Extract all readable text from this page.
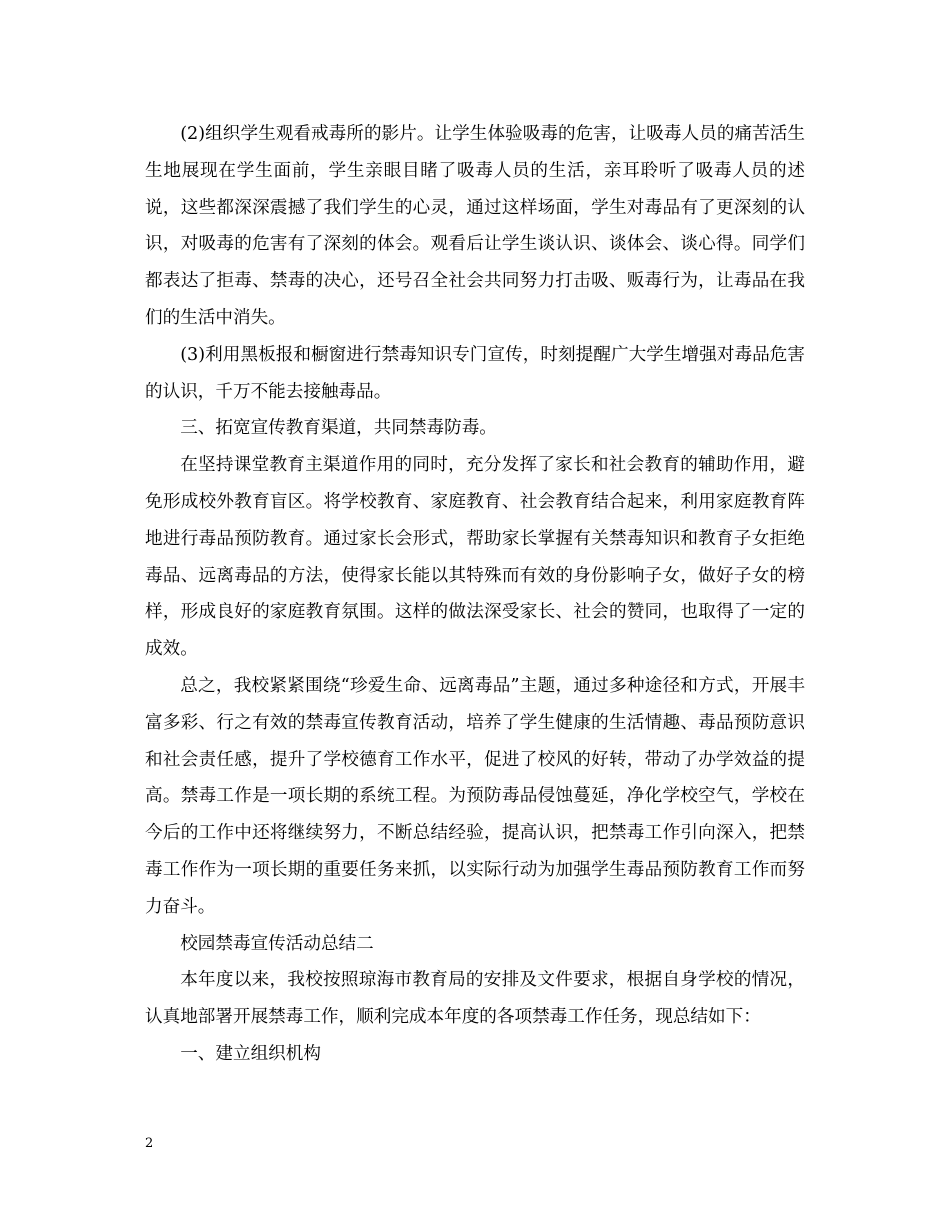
(2)组织学生观看戒毒所的影片。让学生体验吸毒的危害，让吸毒人员的痛苦活生生地展现在学生面前，学生亲眼目睹了吸毒人员的生活，亲耳聆听了吸毒人员的述说，这些都深深震撼了我们学生的心灵，通过这样场面，学生对毒品有了更深刻的认识，对吸毒的危害有了深刻的体会。观看后让学生谈认识、谈体会、谈心得。同学们都表达了拒毒、禁毒的决心，还号召全社会共同努力打击吸、贩毒行为，让毒品在我们的生活中消失。

(3)利用黑板报和橱窗进行禁毒知识专门宣传，时刻提醒广大学生增强对毒品危害的认识，千万不能去接触毒品。

三、拓宽宣传教育渠道，共同禁毒防毒。

在坚持课堂教育主渠道作用的同时，充分发挥了家长和社会教育的辅助作用，避免形成校外教育盲区。将学校教育、家庭教育、社会教育结合起来，利用家庭教育阵地进行毒品预防教育。通过家长会形式，帮助家长掌握有关禁毒知识和教育子女拒绝毒品、远离毒品的方法，使得家长能以其特殊而有效的身份影响子女，做好子女的榜样，形成良好的家庭教育氛围。这样的做法深受家长、社会的赞同，也取得了一定的成效。

总之，我校紧紧围绕“珍爱生命、远离毒品”主题，通过多种途径和方式，开展丰富多彩、行之有效的禁毒宣传教育活动，培养了学生健康的生活情趣、毒品预防意识和社会责任感，提升了学校德育工作水平，促进了校风的好转，带动了办学效益的提高。禁毒工作是一项长期的系统工程。为预防毒品侵蚀蔓延，净化学校空气，学校在今后的工作中还将继续努力，不断总结经验，提高认识，把禁毒工作引向深入，把禁毒工作作为一项长期的重要任务来抓，以实际行动为加强学生毒品预防教育工作而努力奋斗。

校园禁毒宣传活动总结二

本年度以来，我校按照琼海市教育局的安排及文件要求，根据自身学校的情况，认真地部署开展禁毒工作，顺利完成本年度的各项禁毒工作任务，现总结如下：

一、建立组织机构

2
